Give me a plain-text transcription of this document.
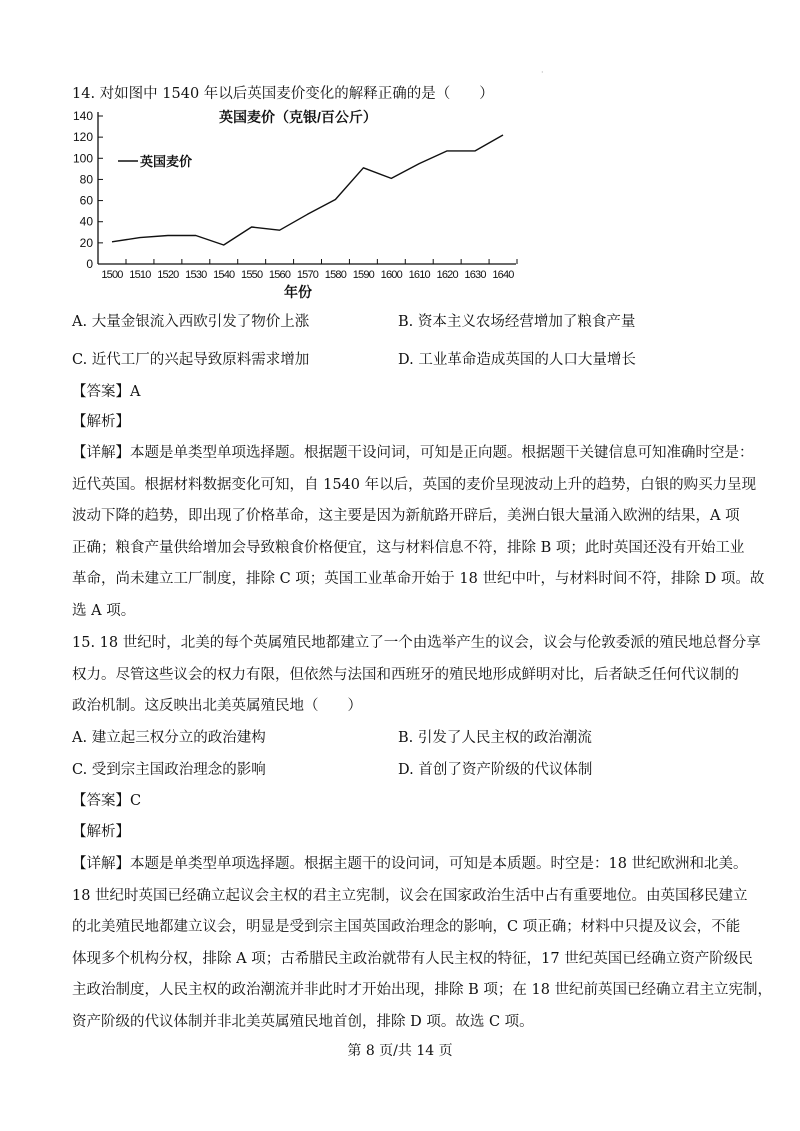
·
14. 对如图中 1540 年以后英国麦价变化的解释正确的是（　　）
英国麦价（克银/百公斤）
英国麦价
0
20
40
60
80
100
120
140
1500 1510 1520 1530 1540 1550 1560 1570 1580 1590 1600 1610 1620 1630 1640
年份
A. 大量金银流入西欧引发了物价上涨	B. 资本主义农场经营增加了粮食产量
C. 近代工厂的兴起导致原料需求增加	D. 工业革命造成英国的人口大量增长
【答案】A
【解析】
【详解】本题是单类型单项选择题。根据题干设问词，可知是正向题。根据题干关键信息可知准确时空是：
近代英国。根据材料数据变化可知，自 1540 年以后，英国的麦价呈现波动上升的趋势，白银的购买力呈现
波动下降的趋势，即出现了价格革命，这主要是因为新航路开辟后，美洲白银大量涌入欧洲的结果，A 项
正确；粮食产量供给增加会导致粮食价格便宜，这与材料信息不符，排除 B 项；此时英国还没有开始工业
革命，尚未建立工厂制度，排除 C 项；英国工业革命开始于 18 世纪中叶，与材料时间不符，排除 D 项。故
选 A 项。
15. 18 世纪时，北美的每个英属殖民地都建立了一个由选举产生的议会，议会与伦敦委派的殖民地总督分享
权力。尽管这些议会的权力有限，但依然与法国和西班牙的殖民地形成鲜明对比，后者缺乏任何代议制的
政治机制。这反映出北美英属殖民地（　　）
A. 建立起三权分立的政治建构	B. 引发了人民主权的政治潮流
C. 受到宗主国政治理念的影响	D. 首创了资产阶级的代议体制
【答案】C
【解析】
【详解】本题是单类型单项选择题。根据主题干的设问词，可知是本质题。时空是：18 世纪欧洲和北美。
18 世纪时英国已经确立起议会主权的君主立宪制，议会在国家政治生活中占有重要地位。由英国移民建立
的北美殖民地都建立议会，明显是受到宗主国英国政治理念的影响，C 项正确；材料中只提及议会，不能
体现多个机构分权，排除 A 项；古希腊民主政治就带有人民主权的特征，17 世纪英国已经确立资产阶级民
主政治制度，人民主权的政治潮流并非此时才开始出现，排除 B 项；在 18 世纪前英国已经确立君主立宪制，
资产阶级的代议体制并非北美英属殖民地首创，排除 D 项。故选 C 项。
第 8 页/共 14 页
